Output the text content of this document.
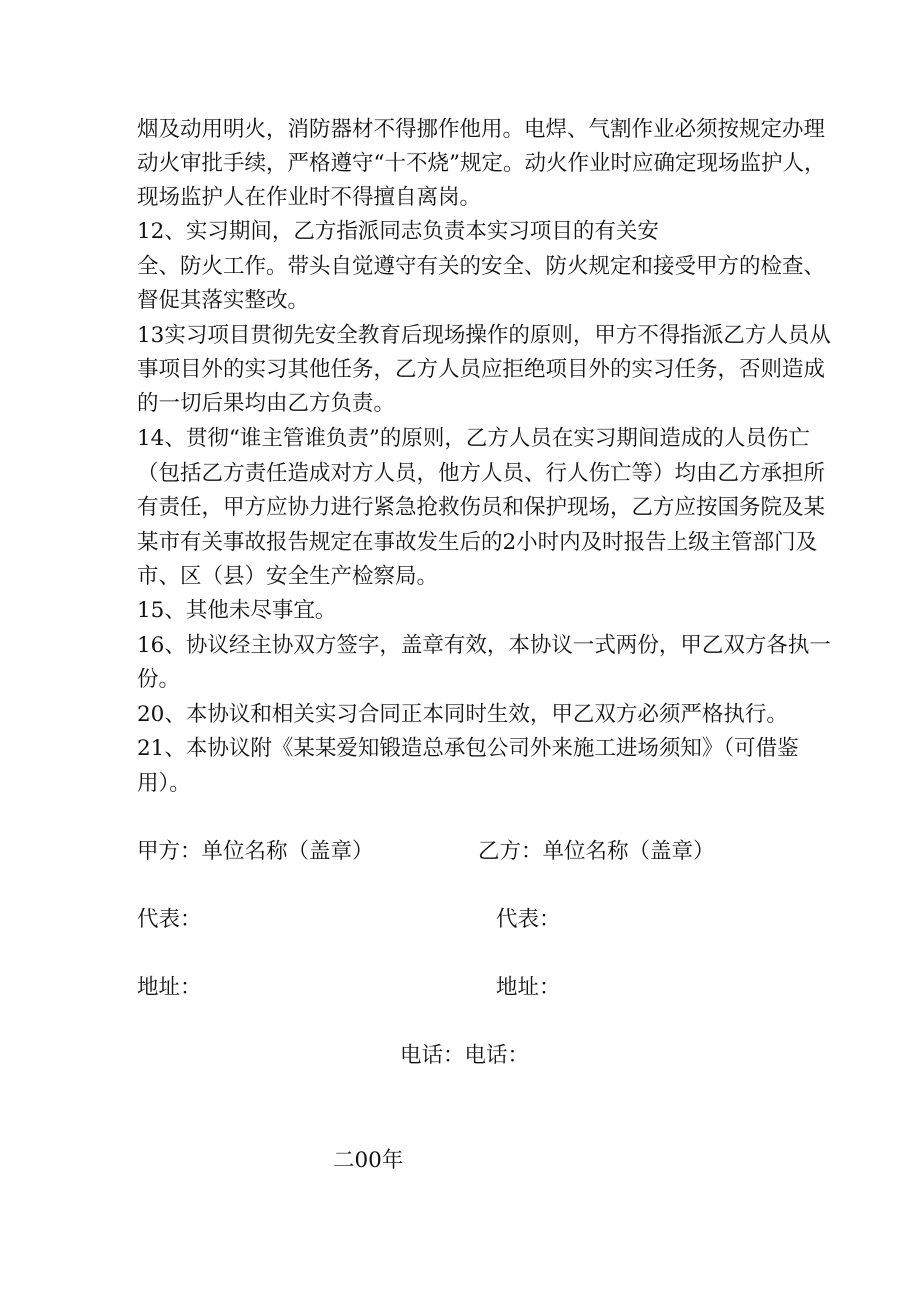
烟及动用明火，消防器材不得挪作他用。电焊、气割作业必须按规定办理
动火审批手续，严格遵守“十不烧”规定。动火作业时应确定现场监护人，
现场监护人在作业时不得擅自离岗。
12、实习期间，乙方指派同志负责本实习项目的有关安
全、防火工作。带头自觉遵守有关的安全、防火规定和接受甲方的检查、
督促其落实整改。
13实习项目贯彻先安全教育后现场操作的原则，甲方不得指派乙方人员从
事项目外的实习其他任务，乙方人员应拒绝项目外的实习任务，否则造成
的一切后果均由乙方负责。
14、贯彻“谁主管谁负责”的原则，乙方人员在实习期间造成的人员伤亡
（包括乙方责任造成对方人员，他方人员、行人伤亡等）均由乙方承担所
有责任，甲方应协力进行紧急抢救伤员和保护现场，乙方应按国务院及某
某市有关事故报告规定在事故发生后的2小时内及时报告上级主管部门及
市、区（县）安全生产检察局。
15、其他未尽事宜。
16、协议经主协双方签字，盖章有效，本协议一式两份，甲乙双方各执一
份。
20、本协议和相关实习合同正本同时生效，甲乙双方必须严格执行。
21、本协议附《某某爱知锻造总承包公司外来施工进场须知》（可借鉴
用）。
甲方：单位名称（盖章）	乙方：单位名称（盖章）
代表：	代表：
地址：	地址：
电话：电话：
二00年
